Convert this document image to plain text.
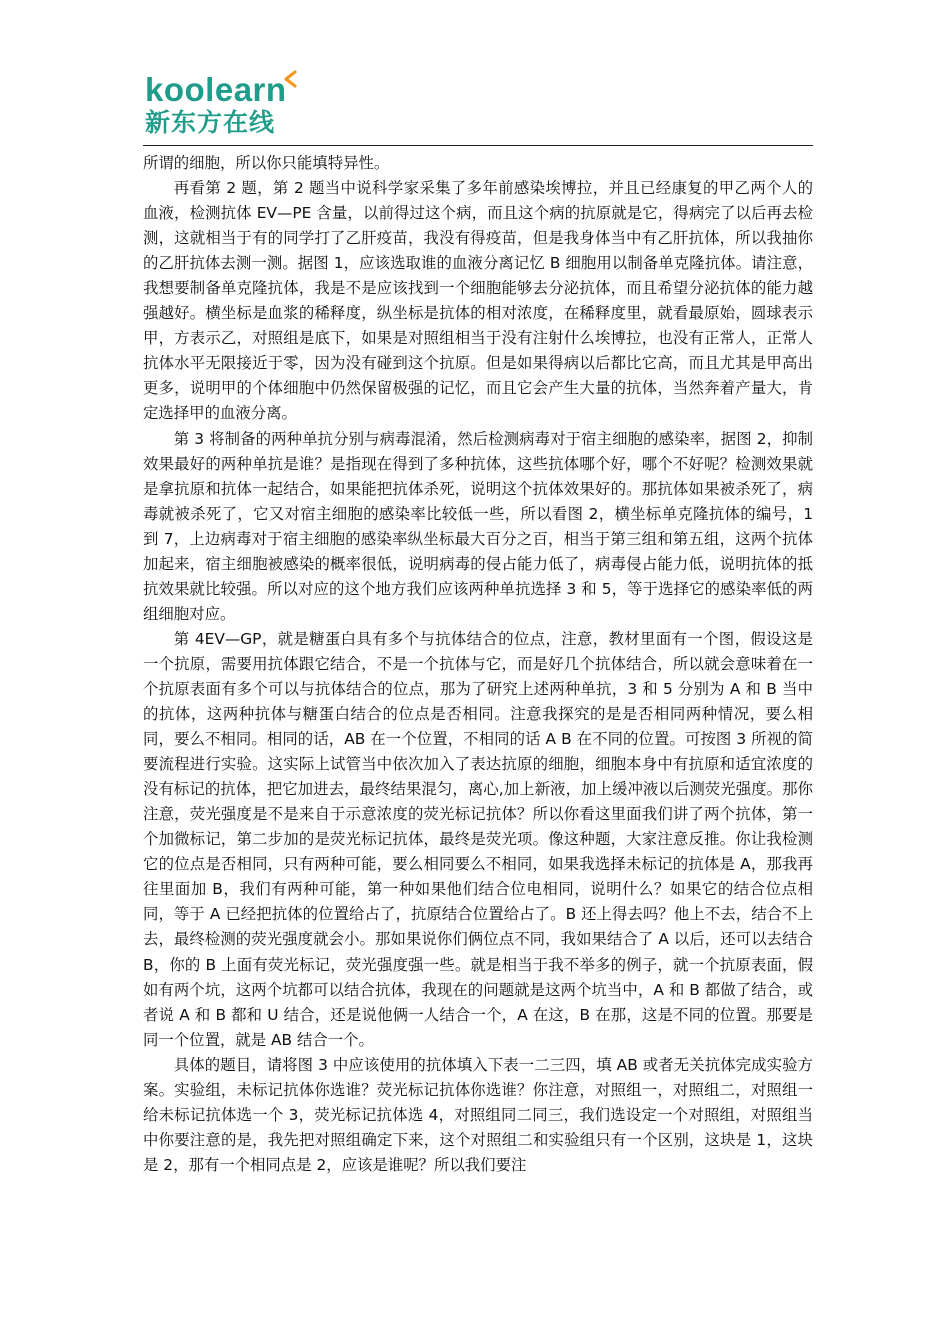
koolearn
新东方在线

所谓的细胞，所以你只能填特异性。

再看第 2 题，第 2 题当中说科学家采集了多年前感染埃博拉，并且已经康复的甲乙两个人的血液，检测抗体 EV—PE 含量，以前得过这个病，而且这个病的抗原就是它，得病完了以后再去检测，这就相当于有的同学打了乙肝疫苗，我没有得疫苗，但是我身体当中有乙肝抗体，所以我抽你的乙肝抗体去测一测。据图 1，应该选取谁的血液分离记忆 B 细胞用以制备单克隆抗体。请注意，我想要制备单克隆抗体，我是不是应该找到一个细胞能够去分泌抗体，而且希望分泌抗体的能力越强越好。横坐标是血浆的稀释度，纵坐标是抗体的相对浓度，在稀释度里，就看最原始，圆球表示甲，方表示乙，对照组是底下，如果是对照组相当于没有注射什么埃博拉，也没有正常人，正常人抗体水平无限接近于零，因为没有碰到这个抗原。但是如果得病以后都比它高，而且尤其是甲高出更多，说明甲的个体细胞中仍然保留极强的记忆，而且它会产生大量的抗体，当然奔着产量大，肯定选择甲的血液分离。

第 3 将制备的两种单抗分别与病毒混淆，然后检测病毒对于宿主细胞的感染率，据图 2，抑制效果最好的两种单抗是谁？是指现在得到了多种抗体，这些抗体哪个好，哪个不好呢？检测效果就是拿抗原和抗体一起结合，如果能把抗体杀死，说明这个抗体效果好的。那抗体如果被杀死了，病毒就被杀死了，它又对宿主细胞的感染率比较低一些，所以看图 2，横坐标单克隆抗体的编号，1 到 7，上边病毒对于宿主细胞的感染率纵坐标最大百分之百，相当于第三组和第五组，这两个抗体加起来，宿主细胞被感染的概率很低，说明病毒的侵占能力低了，病毒侵占能力低，说明抗体的抵抗效果就比较强。所以对应的这个地方我们应该两种单抗选择 3 和 5，等于选择它的感染率低的两组细胞对应。

第 4EV—GP，就是糖蛋白具有多个与抗体结合的位点，注意，教材里面有一个图，假设这是一个抗原，需要用抗体跟它结合，不是一个抗体与它，而是好几个抗体结合，所以就会意味着在一个抗原表面有多个可以与抗体结合的位点，那为了研究上述两种单抗，3 和 5 分别为 A 和 B 当中的抗体，这两种抗体与糖蛋白结合的位点是否相同。注意我探究的是是否相同两种情况，要么相同，要么不相同。相同的话，AB 在一个位置，不相同的话 A B 在不同的位置。可按图 3 所视的简要流程进行实验。这实际上试管当中依次加入了表达抗原的细胞，细胞本身中有抗原和适宜浓度的没有标记的抗体，把它加进去，最终结果混匀，离心,加上新液，加上缓冲液以后测荧光强度。那你注意，荧光强度是不是来自于示意浓度的荧光标记抗体？所以你看这里面我们讲了两个抗体，第一个加微标记，第二步加的是荧光标记抗体，最终是荧光项。像这种题，大家注意反推。你让我检测它的位点是否相同，只有两种可能，要么相同要么不相同，如果我选择未标记的抗体是 A，那我再往里面加 B，我们有两种可能，第一种如果他们结合位电相同，说明什么？如果它的结合位点相同，等于 A 已经把抗体的位置给占了，抗原结合位置给占了。B 还上得去吗？他上不去，结合不上去，最终检测的荧光强度就会小。那如果说你们俩位点不同，我如果结合了 A 以后，还可以去结合 B，你的 B 上面有荧光标记，荧光强度强一些。就是相当于我不举多的例子，就一个抗原表面，假如有两个坑，这两个坑都可以结合抗体，我现在的问题就是这两个坑当中，A 和 B 都做了结合，或者说 A 和 B 都和 U 结合，还是说他俩一人结合一个，A 在这，B 在那，这是不同的位置。那要是同一个位置，就是 AB 结合一个。

具体的题目，请将图 3 中应该使用的抗体填入下表一二三四，填 AB 或者无关抗体完成实验方案。实验组，未标记抗体你选谁？荧光标记抗体你选谁？你注意，对照组一，对照组二，对照组一给未标记抗体选一个 3，荧光标记抗体选 4，对照组同二同三，我们选设定一个对照组，对照组当中你要注意的是，我先把对照组确定下来，这个对照组二和实验组只有一个区别，这块是 1，这块是 2，那有一个相同点是 2，应该是谁呢？所以我们要注
